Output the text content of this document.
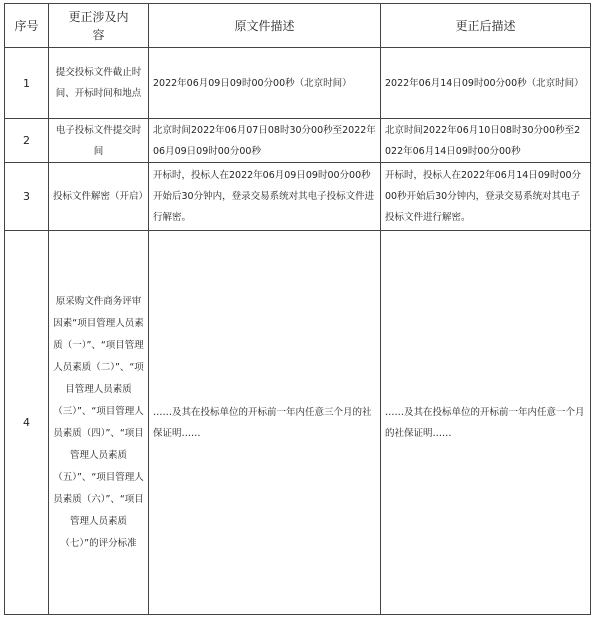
序号	更正涉及内容	原文件描述	更正后描述
1	提交投标文件截止时间、开标时间和地点	2022年06月09日09时00分00秒（北京时间）	2022年06月14日09时00分00秒（北京时间）
2	电子投标文件提交时间	北京时间2022年06月07日08时30分00秒至2022年06月09日09时00分00秒	北京时间2022年06月10日08时30分00秒至2022年06月14日09时00分00秒
3	投标文件解密（开启）	开标时，投标人在2022年06月09日09时00分00秒开始后30分钟内，登录交易系统对其电子投标文件进行解密。	开标时，投标人在2022年06月14日09时00分00秒开始后30分钟内，登录交易系统对其电子投标文件进行解密。
4	原采购文件商务评审因素“项目管理人员素质（一）”、“项目管理人员素质（二）”、“项目管理人员素质（三）”、“项目管理人员素质（四）”、“项目管理人员素质（五）”、“项目管理人员素质（六）”、“项目管理人员素质（七）”的评分标准	……及其在投标单位的开标前一年内任意三个月的社保证明……	……及其在投标单位的开标前一年内任意一个月的社保证明……
